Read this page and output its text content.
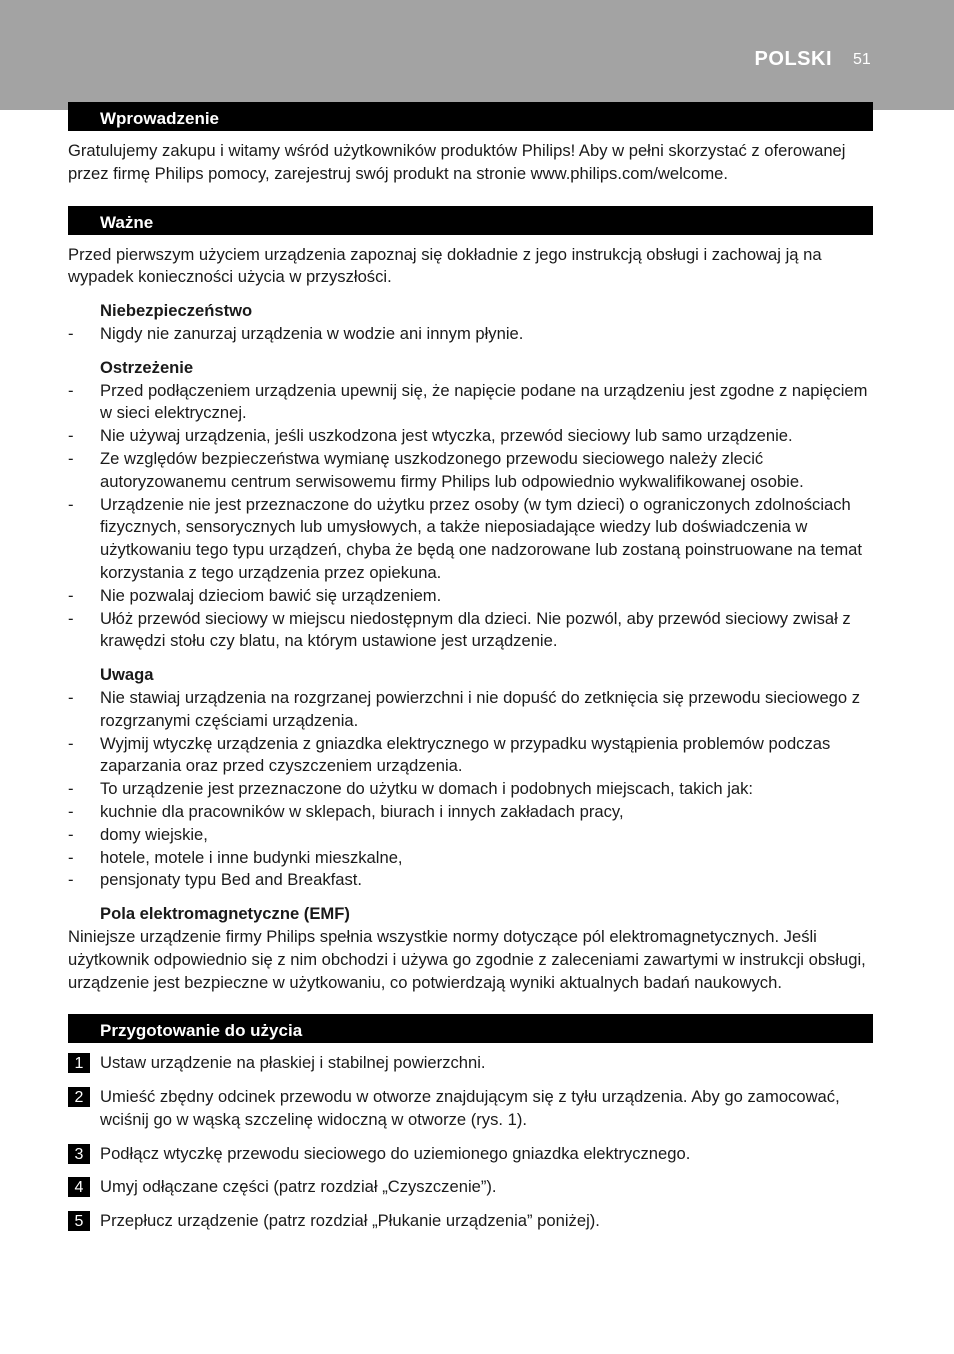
POLSKI 51
Wprowadzenie

Gratulujemy zakupu i witamy wśród użytkowników produktów Philips! Aby w pełni skorzystać z oferowanej przez firmę Philips pomocy, zarejestruj swój produkt na stronie www.philips.com/welcome.

Ważne

Przed pierwszym użyciem urządzenia zapoznaj się dokładnie z jego instrukcją obsługi i zachowaj ją na wypadek konieczności użycia w przyszłości.

Niebezpieczeństwo

- Nigdy nie zanurzaj urządzenia w wodzie ani innym płynie.

Ostrzeżenie

- Przed podłączeniem urządzenia upewnij się, że napięcie podane na urządzeniu jest zgodne z napięciem w sieci elektrycznej.
- Nie używaj urządzenia, jeśli uszkodzona jest wtyczka, przewód sieciowy lub samo urządzenie.
- Ze względów bezpieczeństwa wymianę uszkodzonego przewodu sieciowego należy zlecić autoryzowanemu centrum serwisowemu firmy Philips lub odpowiednio wykwalifikowanej osobie.
- Urządzenie nie jest przeznaczone do użytku przez osoby (w tym dzieci) o ograniczonych zdolnościach fizycznych, sensorycznych lub umysłowych, a także nieposiadające wiedzy lub doświadczenia w użytkowaniu tego typu urządzeń, chyba że będą one nadzorowane lub zostaną poinstruowane na temat korzystania z tego urządzenia przez opiekuna.
- Nie pozwalaj dzieciom bawić się urządzeniem.
- Ułóż przewód sieciowy w miejscu niedostępnym dla dzieci. Nie pozwól, aby przewód sieciowy zwisał z krawędzi stołu czy blatu, na którym ustawione jest urządzenie.

Uwaga

- Nie stawiaj urządzenia na rozgrzanej powierzchni i nie dopuść do zetknięcia się przewodu sieciowego z rozgrzanymi częściami urządzenia.
- Wyjmij wtyczkę urządzenia z gniazdka elektrycznego w przypadku wystąpienia problemów podczas zaparzania oraz przed czyszczeniem urządzenia.
- To urządzenie jest przeznaczone do użytku w domach i podobnych miejscach, takich jak:
- kuchnie dla pracowników w sklepach, biurach i innych zakładach pracy,
- domy wiejskie,
- hotele, motele i inne budynki mieszkalne,
- pensjonaty typu Bed and Breakfast.

Pola elektromagnetyczne (EMF)

Niniejsze urządzenie firmy Philips spełnia wszystkie normy dotyczące pól elektromagnetycznych. Jeśli użytkownik odpowiednio się z nim obchodzi i używa go zgodnie z zaleceniami zawartymi w instrukcji obsługi, urządzenie jest bezpieczne w użytkowaniu, co potwierdzają wyniki aktualnych badań naukowych.

Przygotowanie do użycia
1 Ustaw urządzenie na płaskiej i stabilnej powierzchni.
2 Umieść zbędny odcinek przewodu w otworze znajdującym się z tyłu urządzenia. Aby go zamocować, wciśnij go w wąską szczelinę widoczną w otworze (rys. 1).
3 Podłącz wtyczkę przewodu sieciowego do uziemionego gniazdka elektrycznego.
4 Umyj odłączane części (patrz rozdział „Czyszczenie”).
5 Przepłucz urządzenie (patrz rozdział „Płukanie urządzenia” poniżej).
